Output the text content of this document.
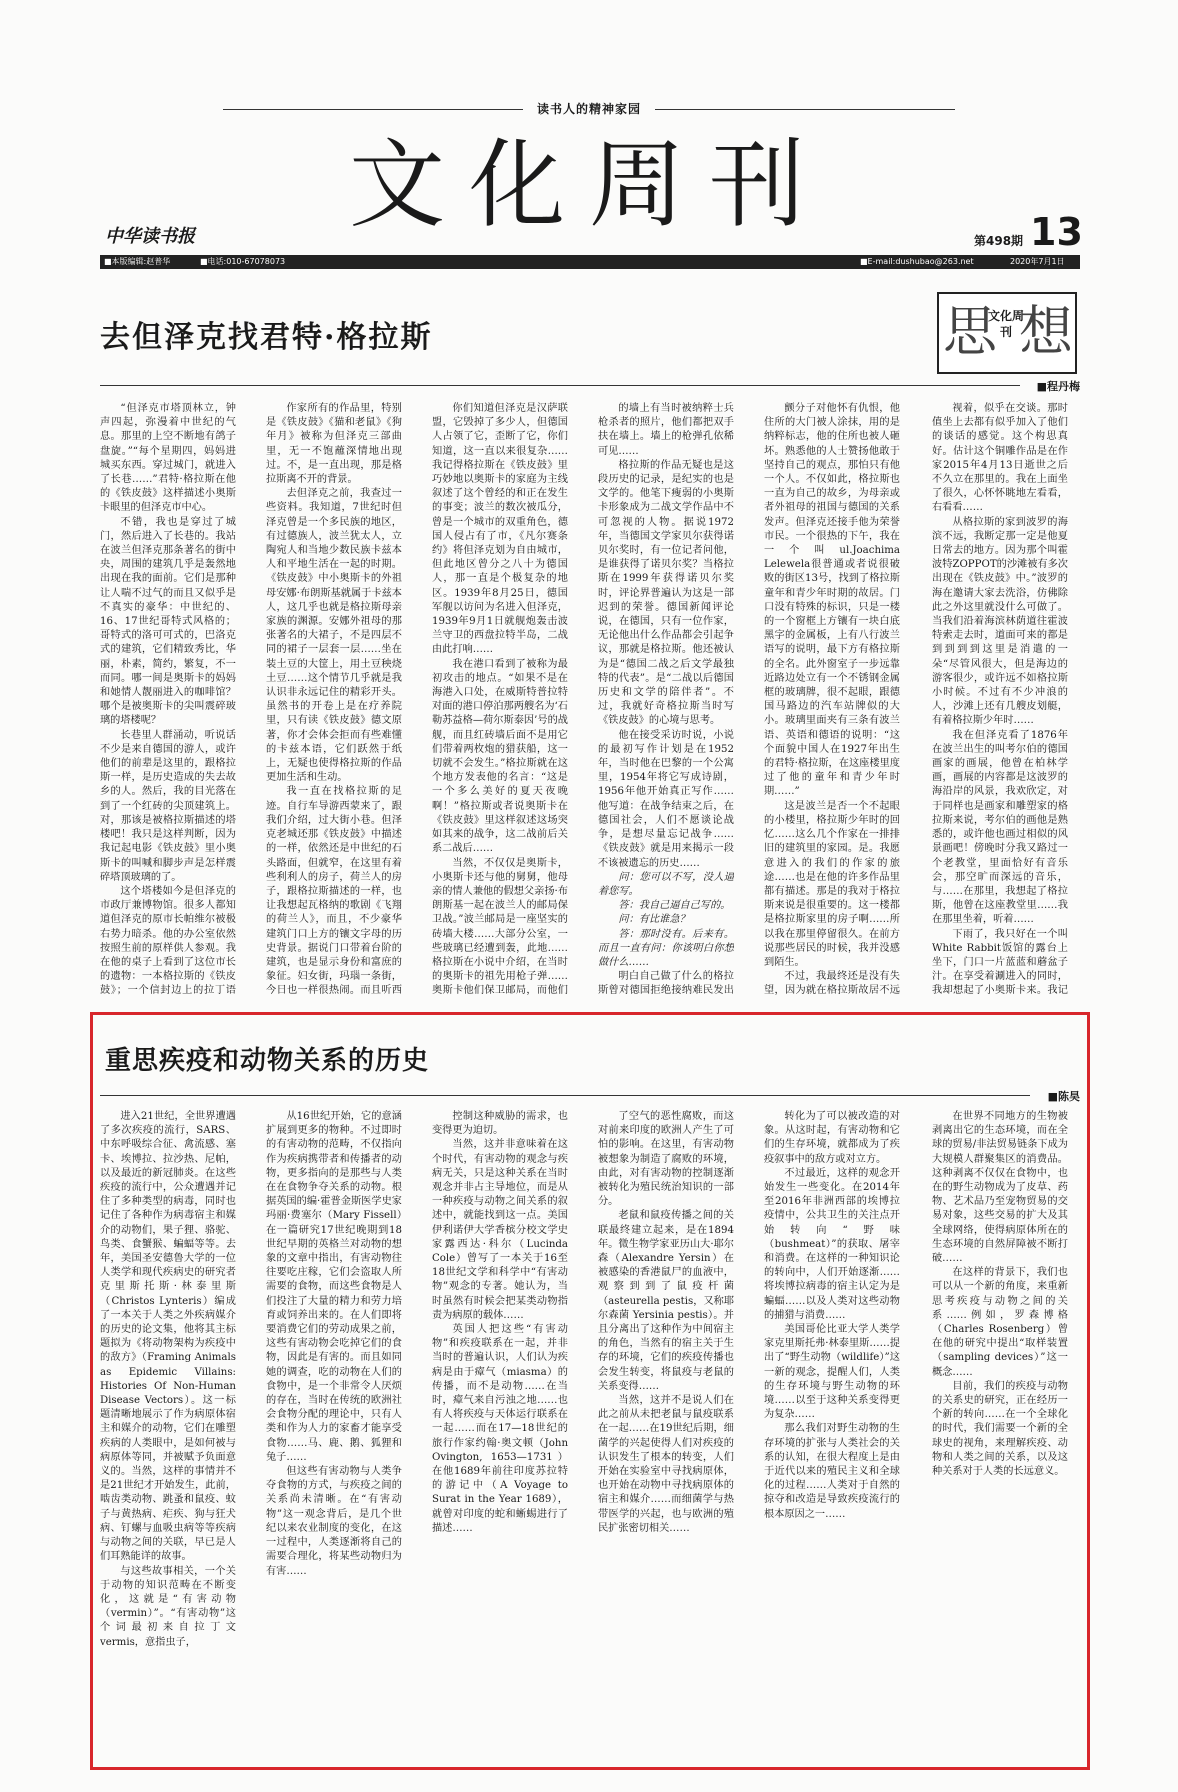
读书人的精神家园
文化周刊
中华读书报	第498期 13
■本版编辑:赵普华	■电话:010-67078073	■E-mail:dushubao@263.net	2020年7月1日
思
文化周刊 想
去但泽克找君特·格拉斯
■程丹梅

“但泽克市塔顶林立，钟声四起，弥漫着中世纪的气息。那里的上空不断地有鸽子盘旋。”“每个星期四，妈妈进城买东西。穿过城门，就进入了长巷……”君特·格拉斯在他的《铁皮鼓》这样描述小奥斯卡眼里的但泽克市中心。

不错，我也是穿过了城门，然后进入了长巷的。我站在波兰但泽克那条著名的街中央，周围的建筑几乎是轰然地出现在我的面前。它们是那种让人喘不过气的而且又似乎是不真实的豪华：中世纪的、16、17世纪哥特式风格的；哥特式的洛可可式的，巴洛克式的建筑，它们精致秀比，华丽，朴素，简约，繁复，不一而同。哪一间是奥斯卡的妈妈和她情人靓丽进入的咖啡馆？哪个是被奥斯卡的尖叫震碎玻璃的塔楼呢？

长巷里人群涌动，听说话不少是来自德国的游人，或许他们的前辈是这里的，跟格拉斯一样，是历史造成的失去故乡的人。然后，我的目光落在到了一个红砖的尖顶建筑上。对，那该是被格拉斯描述的塔楼吧！我只是这样判断，因为我记起电影《铁皮鼓》里小奥斯卡的叫喊和脚步声是怎样震碎塔顶玻璃的了。

这个塔楼如今是但泽克的市政厅兼博物馆。很多人都知道但泽克的原市长帕维尔被极右势力暗杀。他的办公室依然按照生前的原样供人参观。我在他的桌子上看到了这位市长的遗物：一本格拉斯的《铁皮鼓》；一个信封边上的拉丁语

作家所有的作品里，特别是《铁皮鼓》《猫和老鼠》《狗年月》被称为但泽克三部曲里，无一不饱蘸深情地出现过。不，是一直出现，那是格拉斯离不开的背景。

去但泽克之前，我查过一些资料。我知道，7世纪时但泽克曾是一个多民族的地区，有过德族人，波兰犹太人，立陶宛人和当地少数民族卡兹本人和平地生活在一起的时期。《铁皮鼓》中小奥斯卡的外祖母安娜·布朗斯基就属于卡兹本人，这几乎也就是格拉斯母亲家族的渊源。安娜外祖母的那张著名的大裙子，不是四层不同的裙子一层套一层……坐在装土豆的大筐上，用土豆秧烧土豆……这个情节几乎就是我认识非永远记住的精彩开头。虽然书的开卷上是在疗养院里，只有读《铁皮鼓》德文原著，你才会体会拒而有些难懂的卡兹本语，它们跃然于纸上，无疑也使得格拉斯的作品更加生活和生动。

我一直在找格拉斯的足迹。自行车导游西蒙来了，跟我们介绍，过大街小巷。但泽克老城还那《铁皮鼓》中描述的一样，依然还是中世纪的石头路面，但就窄，在这里有着些利利人的房子，荷兰人的房子，跟格拉斯描述的一样，也让我想起瓦格纳的歌剧《飞翔的荷兰人》，而且，不少豪华建筑门口上方的镶文字母的历史背景。据说门口带着台阶的建筑，也是显示身份和富庶的象征。妇女街，玛瑙一条街，今日也一样很热闹。而且听西

你们知道但泽克是汉萨联盟，它毁掉了多少人，但德国人占领了它，歪断了它，你们知道，这一直以来很复杂……我记得格拉斯在《铁皮鼓》里巧妙地以奥斯卡的家庭为主线叙述了这个曾经的和正在发生的事变；波兰的数次被瓜分，曾是一个城市的双重角色，德国人侵占有了市，《凡尔赛条约》将但泽克划为自由城市，但此地区曾分之八十为德国人，那一直是个极复杂的地区。1939年8月25日，德国军舰以访问为名进入但泽克，1939年9月1日就舰炮轰击波兰守卫的西盘拉特半岛，二战由此打响……

我在港口看到了被称为最初攻击的地点。“如果不是在海港入口处，在威斯特普拉特对面的港口停泊那两艘名为‘石勒苏益格—荷尔斯泰因’号的战舰，而且红砖墙后面不是用它们带着两枚炮的猎获船，这一切就不会发生。”格拉斯就在这个地方发表他的名言：“这是一个多么美好的夏天夜晚啊！”格拉斯或者说奥斯卡在《铁皮鼓》里这样叙述这场突如其来的战争，这二战前后关系二战后……

当然，不仅仅是奥斯卡，小奥斯卡还与他的舅舅，他母亲的情人兼他的假想父亲扬·布朗斯基一起在波兰人的邮局保卫战。”波兰邮局是一座坚实的砖墙大楼……大部分公室，一些玻璃已经遭到轰，此地……格拉斯在小说中介绍，在当时的奥斯卡的祖先用枪子弹……奥斯卡他们保卫邮局，而他们

的墙上有当时被纳粹士兵枪杀者的照片，他们都把双手扶在墙上。墙上的枪弹孔依稀可见……

格拉斯的作品无疑也是这段历史的记录，是纪实的也是文学的。他笔下瘦弱的小奥斯卡形象成为二战文学作品中不可忽视的人物。据说1972年，当德国文学家贝尔获得诺贝尔奖时，有一位记者问他，是谁获得了诺贝尔奖？当格拉斯在1999年获得诺贝尔奖时，评论界普遍认为这是一部迟到的荣誉。德国新闻评论说，在德国，只有一位作家，无论他出什么作品都会引起争议，那就是格拉斯。他还被认为是“德国二战之后文学最独特的代表”。是“二战以后德国历史和文学的陪伴者”。不过，我就好奇格拉斯当时写《铁皮鼓》的心境与思考。

他在接受采访时说，小说的最初写作计划是在1952年，当时他在巴黎的一个公寓里，1954年将它写成诗剧，1956年他开始真正写作……他写道：在战争结束之后，在德国社会，人们不愿谈论战争，是想尽量忘记战争……《铁皮鼓》就是用来揭示一段不该被遗忘的历史……

问：您可以不写，没人逼着您写。

答：我自己逼自己写的。

问：有比谁急？

答：那时没有。后来有。而且一直有问：你该明白你想做什么……

明白自己做了什么的格拉斯曾对德国拒绝接纳难民发出

颤分子对他怀有仇恨，他住所的大门被人涂抹，用的是纳粹标志，他的住所也被人砸坏。熟悉他的人士赞扬他敢于坚持自己的观点，那怕只有他一个人。不仅如此，格拉斯也一直为自己的故乡，为母亲或者外祖母的祖国与德国的关系发声。但泽克还接手他为荣誉市民。一个很热的下午，我在一个叫ul.Joachima Lelewela很普通或者说很破败的街区13号，找到了格拉斯童年和青少年时期的故居。门口没有特殊的标识，只是一楼的一个窗框上方镶有一块白底黑字的金属板，上有八行波兰语写的说明，最下方有格拉斯的全名。此外窗室子一步远靠近路边处立有一个不锈钢金属框的玻璃牌，很不起眼，跟德国马路边的汽车站牌似的大小。玻璃里面夹有三条有波兰语、英语和德语的说明：“这个面貌中国人在1927年出生的君特·格拉斯，在这座楼里度过了他的童年和青少年时期……”

这是波兰是否一个不起眼的小楼里，格拉斯少年时的回忆……这么几个作家在一排排旧的建筑里的家园。是。我愿意进入的我们的作家的旅途……也是在他的许多作品里都有描述。那是的我对于格拉斯来说是很重要的。这一楼都是格拉斯家里的房子啊……所以我在那里停留很久。在前方说那些居民的时候，我并没感到陌生。

不过，我最终还是没有失望，因为就在格拉斯故居不远

视着，似乎在交谈。那时值坐上去都有似乎加入了他们的谈话的感觉。这个构思真好。估计这个铜雕作品是在作家2015年4月13日逝世之后不久立在那里的。我在上面坐了很久，心怀怀眺地左看看，右看看……

从格拉斯的家到波罗的海滨不远，我断定那一定是他夏日常去的地方。因为那个叫霍波特ZOPPOT的沙滩被有多次出现在《铁皮鼓》中。”波罗的海在邀请大家去洗浴，仿佛除此之外这里就没什么可做了。当我们沿着海滨林荫道往霍波特索走去时，道面可来的都是到到到到这里是消遣的一朵“尽管风很大，但是海边的游客很少，或许远不如格拉斯小时候。不过有不少冲浪的人，沙滩上还有几艘皮划艇，有着格拉斯少年时……

我在但泽克看了1876年在波兰出生的叫考尔伯的德国画家的画展，他曾在柏林学画，画展的内容都是这波罗的海沿岸的风景，我欢欣定，对于同样也是画家和雕塑家的格拉斯来说，考尔伯的画他是熟悉的，或许他也画过相似的风景画吧！傍晚时分我又路过一个老教堂，里面恰好有音乐会，那空旷而深远的音乐，与……在那里，我想起了格拉斯，他曾在这座教堂里……我在那里坐着，听着……

下雨了，我只好在一个叫White Rabbit饭馆的露台上坐下，门口一片蓝蓝和蘑盆子汁。在享受着涮进入的同时，我却想起了小奥斯卡来。我记

重思疾疫和动物关系的历史
■陈昊

进入21世纪，全世界遭遇了多次疾疫的流行，SARS、中东呼吸综合征、禽流感、塞卡、埃博拉、拉沙热、尼帕，以及最近的新冠肺炎。在这些疾疫的流行中，公众遭遇并记住了多种类型的病毒，同时也记住了各种作为病毒宿主和媒介的动物们，果子狸、骆驼、鸟类、食蟹猴、蝙蝠等等。去年，美国圣安德鲁大学的一位人类学和现代疾病史的研究者克里斯托斯·林泰里斯（Christos Lynteris）编成了一本关于人类之外疾病媒介的历史的论文集，他将其主标题拟为《将动物架构为疾疫中的敌方》（Framing Animals as Epidemic Villains: Histories Of Non-Human Disease Vectors）。这一标题清晰地展示了作为病原体宿主和媒介的动物，它们在雕塑疾病的人类眼中，是如何被与病原体等同，并被赋予负面意义的。当然，这样的事情并不是21世纪才开始发生，此前，啮齿类动物、跳蚤和鼠疫、蚊子与黄热病、疟疾、狗与狂犬病、钉螺与血吸虫病等等疾病与动物之间的关联，早已是人们耳熟能详的故事。

与这些故事相关，一个关于动物的知识范畴在不断变化，这就是“有害动物（vermin）”。“有害动物”这个词最初来自拉丁文vermis，意指虫子，

从16世纪开始，它的意涵扩展到更多的物种。不过即时的有害动物的范畴，不仅指向作为疾病携带者和传播者的动物，更多指向的是那些与人类在在食物争夺关系的动物。根据英国的编·霍普金斯医学史家玛丽·费塞尔（Mary Fissell）在一篇研究17世纪晚期到18世纪早期的英格兰对动物的想象的文章中指出，有害动物往往要吃庄稼，它们会盗取人所需要的食物，而这些食物是人们投注了大量的精力和劳力培育或饲养出来的。在人们即将要消费它们的劳动成果之前，这些有害动物会吃掉它们的食物，因此是有害的。而且如同她的调查，吃的动物在人们的食物中，是一个非常令人厌烦的存在，当时在传统的欧洲社会食物分配的理论中，只有人类和作为人力的家畜才能享受食物……马、鹿、鹅、狐狸和兔子……

但这些有害动物与人类争夺食物的方式，与疾疫之间的关系尚未清晰。在“有害动物”这一观念背后，是几个世纪以来农业制度的变化，在这一过程中，人类逐渐将自己的需要合理化，将某些动物归为有害……

控制这种威胁的需求，也变得更为迫切。

当然，这并非意味着在这个时代，有害动物的观念与疾病无关，只是这种关系在当时观念并非占主导地位，而是从一种疾疫与动物之间关系的叙述中，就能找到这一点。美国伊利诺伊大学香槟分校文学史家露西达·科尔（Lucinda Cole）曾写了一本关于16至18世纪文学和科学中“有害动物”观念的专著。她认为，当时虽然有时候会把某类动物指责为病原的载体……

英国人把这些“有害动物”和疾疫联系在一起，并非当时的普遍认识，人们认为疾病是由于瘴气（miasma）的传播，而不是动物……在当时，瘴气来自污浊之地……也有人将疾疫与天体运行联系在一起……而在17—18世纪的旅行作家约翰·奥文顿（John Ovington, 1653—1731）在他1689年前往印度苏拉特的游记中（A Voyage to Surat in the Year 1689），就曾对印度的蛇和蜥蜴进行了描述……

了空气的恶性腐败，而这对前来印度的欧洲人产生了可怕的影响。在这里，有害动物被想象为制造了腐败的环境，由此，对有害动物的控制逐渐被转化为殖民统治知识的一部分。

老鼠和鼠疫传播之间的关联最终建立起来，是在1894年。微生物学家亚历山大·耶尔森（Alexandre Yersin）在被感染的香港鼠尸的血液中，观察到到了鼠疫杆菌（asteurella pestis，又称耶尔森菌 Yersinia pestis）。并且分离出了这种作为中间宿主的角色，当然有的宿主关于生存的环境，它们的疾疫传播也会发生转变，将鼠疫与老鼠的关系变得……

当然，这并不是说人们在此之前从未把老鼠与鼠疫联系在一起……在19世纪后期，细菌学的兴起使得人们对疾疫的认识发生了根本的转变，人们开始在实验室中寻找病原体，也开始在动物中寻找病原体的宿主和媒介……而细菌学与热带医学的兴起，也与欧洲的殖民扩张密切相关……

转化为了可以被改造的对象。从这时起，有害动物和它们的生存环境，就都成为了疾疫叙事中的敌方或对立方。

不过最近，这样的观念开始发生一些变化。在2014年至2016年非洲西部的埃博拉疫情中，公共卫生的关注点开始转向“野味（bushmeat）”的获取、屠宰和消费。在这样的一种知识论的转向中，人们开始逐渐……将埃博拉病毒的宿主认定为是蝙蝠……以及人类对这些动物的捕猎与消费……

美国哥伦比亚大学人类学家克里斯托弗·林泰里斯……提出了“野生动物（wildlife）”这一新的观念，提醒人们，人类的生存环境与野生动物的环境……以至于这种关系变得更为复杂……

那么我们对野生动物的生存环境的扩张与人类社会的关系的认知，在很大程度上是由于近代以来的殖民主义和全球化的过程……人类对于自然的掠夺和改造是导致疾疫流行的根本原因之一……

在世界不同地方的生物被剥离出它的生态环境，而在全球的贸易/非法贸易链条下成为大规模人群聚集区的消费品。这种剥离不仅仅在食物中，也在的野生动物成为了皮草、药物、艺术品乃至宠物贸易的交易对象，这些交易的扩大及其全球网络，使得病原体所在的生态环境的自然屏障被不断打破……

在这样的背景下，我们也可以从一个新的角度，来重新思考疾疫与动物之间的关系……例如，罗森博格（Charles Rosenberg）曾在他的研究中提出“取样装置（sampling devices）”这一概念……

目前，我们的疾疫与动物的关系史的研究，正在经历一个新的转向……在一个全球化的时代，我们需要一个新的全球史的视角，来理解疾疫、动物和人类之间的关系，以及这种关系对于人类的长远意义。
